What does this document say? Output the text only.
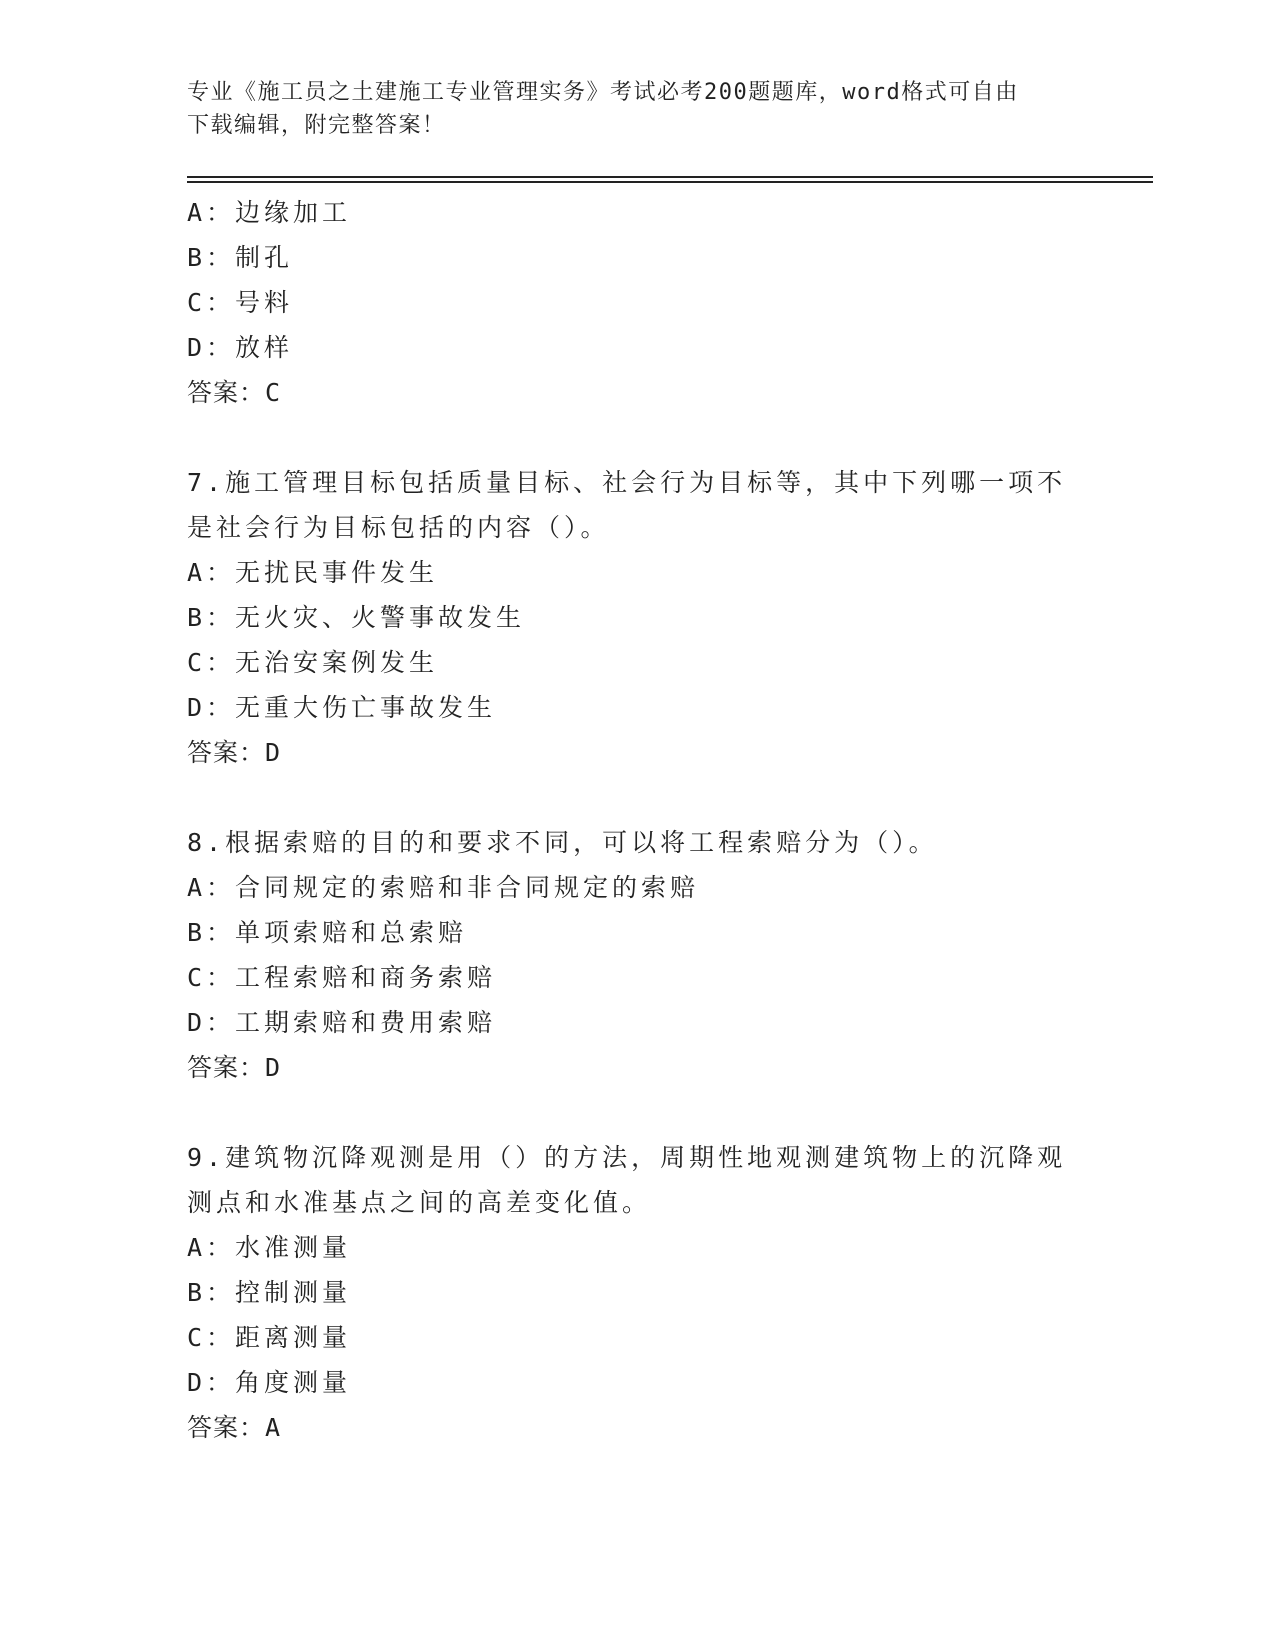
专业《施工员之土建施工专业管理实务》考试必考200题题库，word格式可自由
下载编辑，附完整答案！
A：边缘加工
B：制孔
C：号料
D：放样
答案：C
7.施工管理目标包括质量目标、社会行为目标等，其中下列哪一项不
是社会行为目标包括的内容（）。
A：无扰民事件发生
B：无火灾、火警事故发生
C：无治安案例发生
D：无重大伤亡事故发生
答案：D
8.根据索赔的目的和要求不同，可以将工程索赔分为（）。
A：合同规定的索赔和非合同规定的索赔
B：单项索赔和总索赔
C：工程索赔和商务索赔
D：工期索赔和费用索赔
答案：D
9.建筑物沉降观测是用（）的方法，周期性地观测建筑物上的沉降观
测点和水准基点之间的高差变化值。
A：水准测量
B：控制测量
C：距离测量
D：角度测量
答案：A
